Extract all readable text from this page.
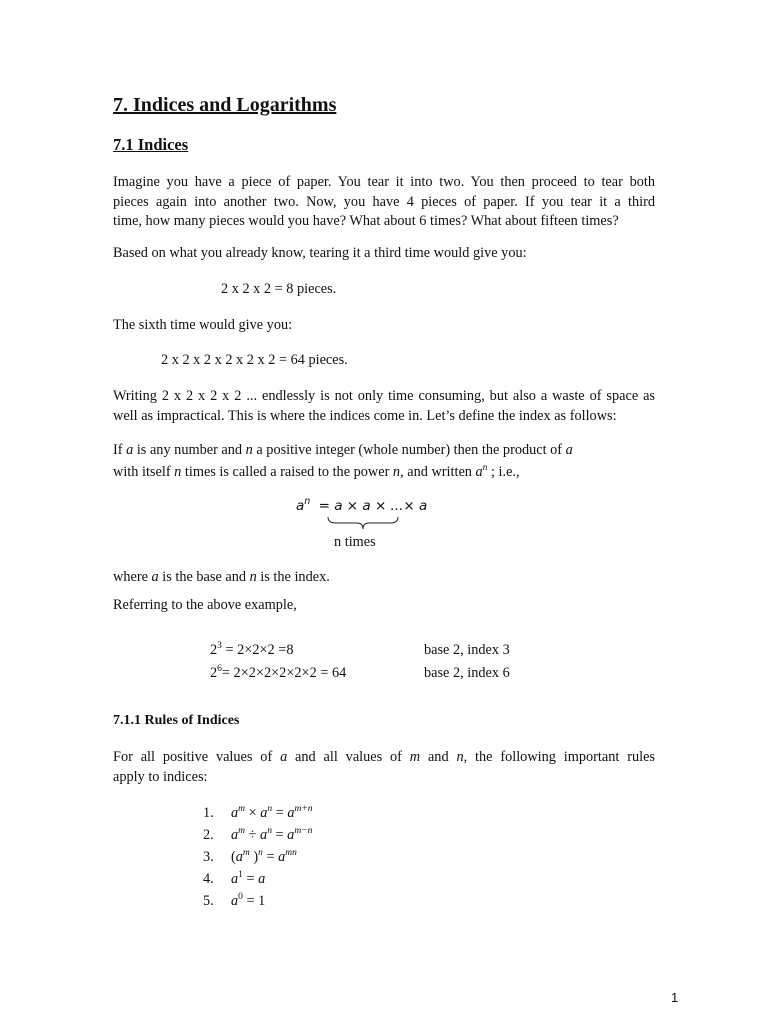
7. Indices and Logarithms
7.1 Indices
Imagine you have a piece of paper. You tear it into two. You then proceed to tear both
pieces again into another two. Now, you have 4 pieces of paper. If you tear it a third
time, how many pieces would you have? What about 6 times? What about fifteen times?
Based on what you already know, tearing it a third time would give you:
2 x 2 x 2 = 8 pieces.
The sixth time would give you:
2 x 2 x 2 x 2 x 2 x 2 = 64 pieces.
Writing 2 x 2 x 2 x 2 ... endlessly is not only time consuming, but also a waste of space as
well as impractical. This is where the indices come in. Let’s define the index as follows:
If a is any number and n a positive integer (whole number) then the product of a
with itself n times is called a raised to the power n, and written $a^n$ ; i.e.,
$a^n = a \times a$ × ...× a
n times
where a is the base and n is the index.
Referring to the above example,
$2^3 = 2\times 2\times 2 =8$	base 2, index 3
$2^6= 2\times 2\times 2\times 2\times 2\times 2 = 64$	base 2, index 6
7.1.1 Rules of Indices
For all positive values of a and all values of m and n, the following important rules
apply to indices:
1. $a^m \times a^n = a^{m+n}$
2. $a^m \div a^n = a^{m-n}$
3. ($a^m$ )$^n = a^{mn}$
4. $a^1 = a$
5. $a^0 = 1$
1
